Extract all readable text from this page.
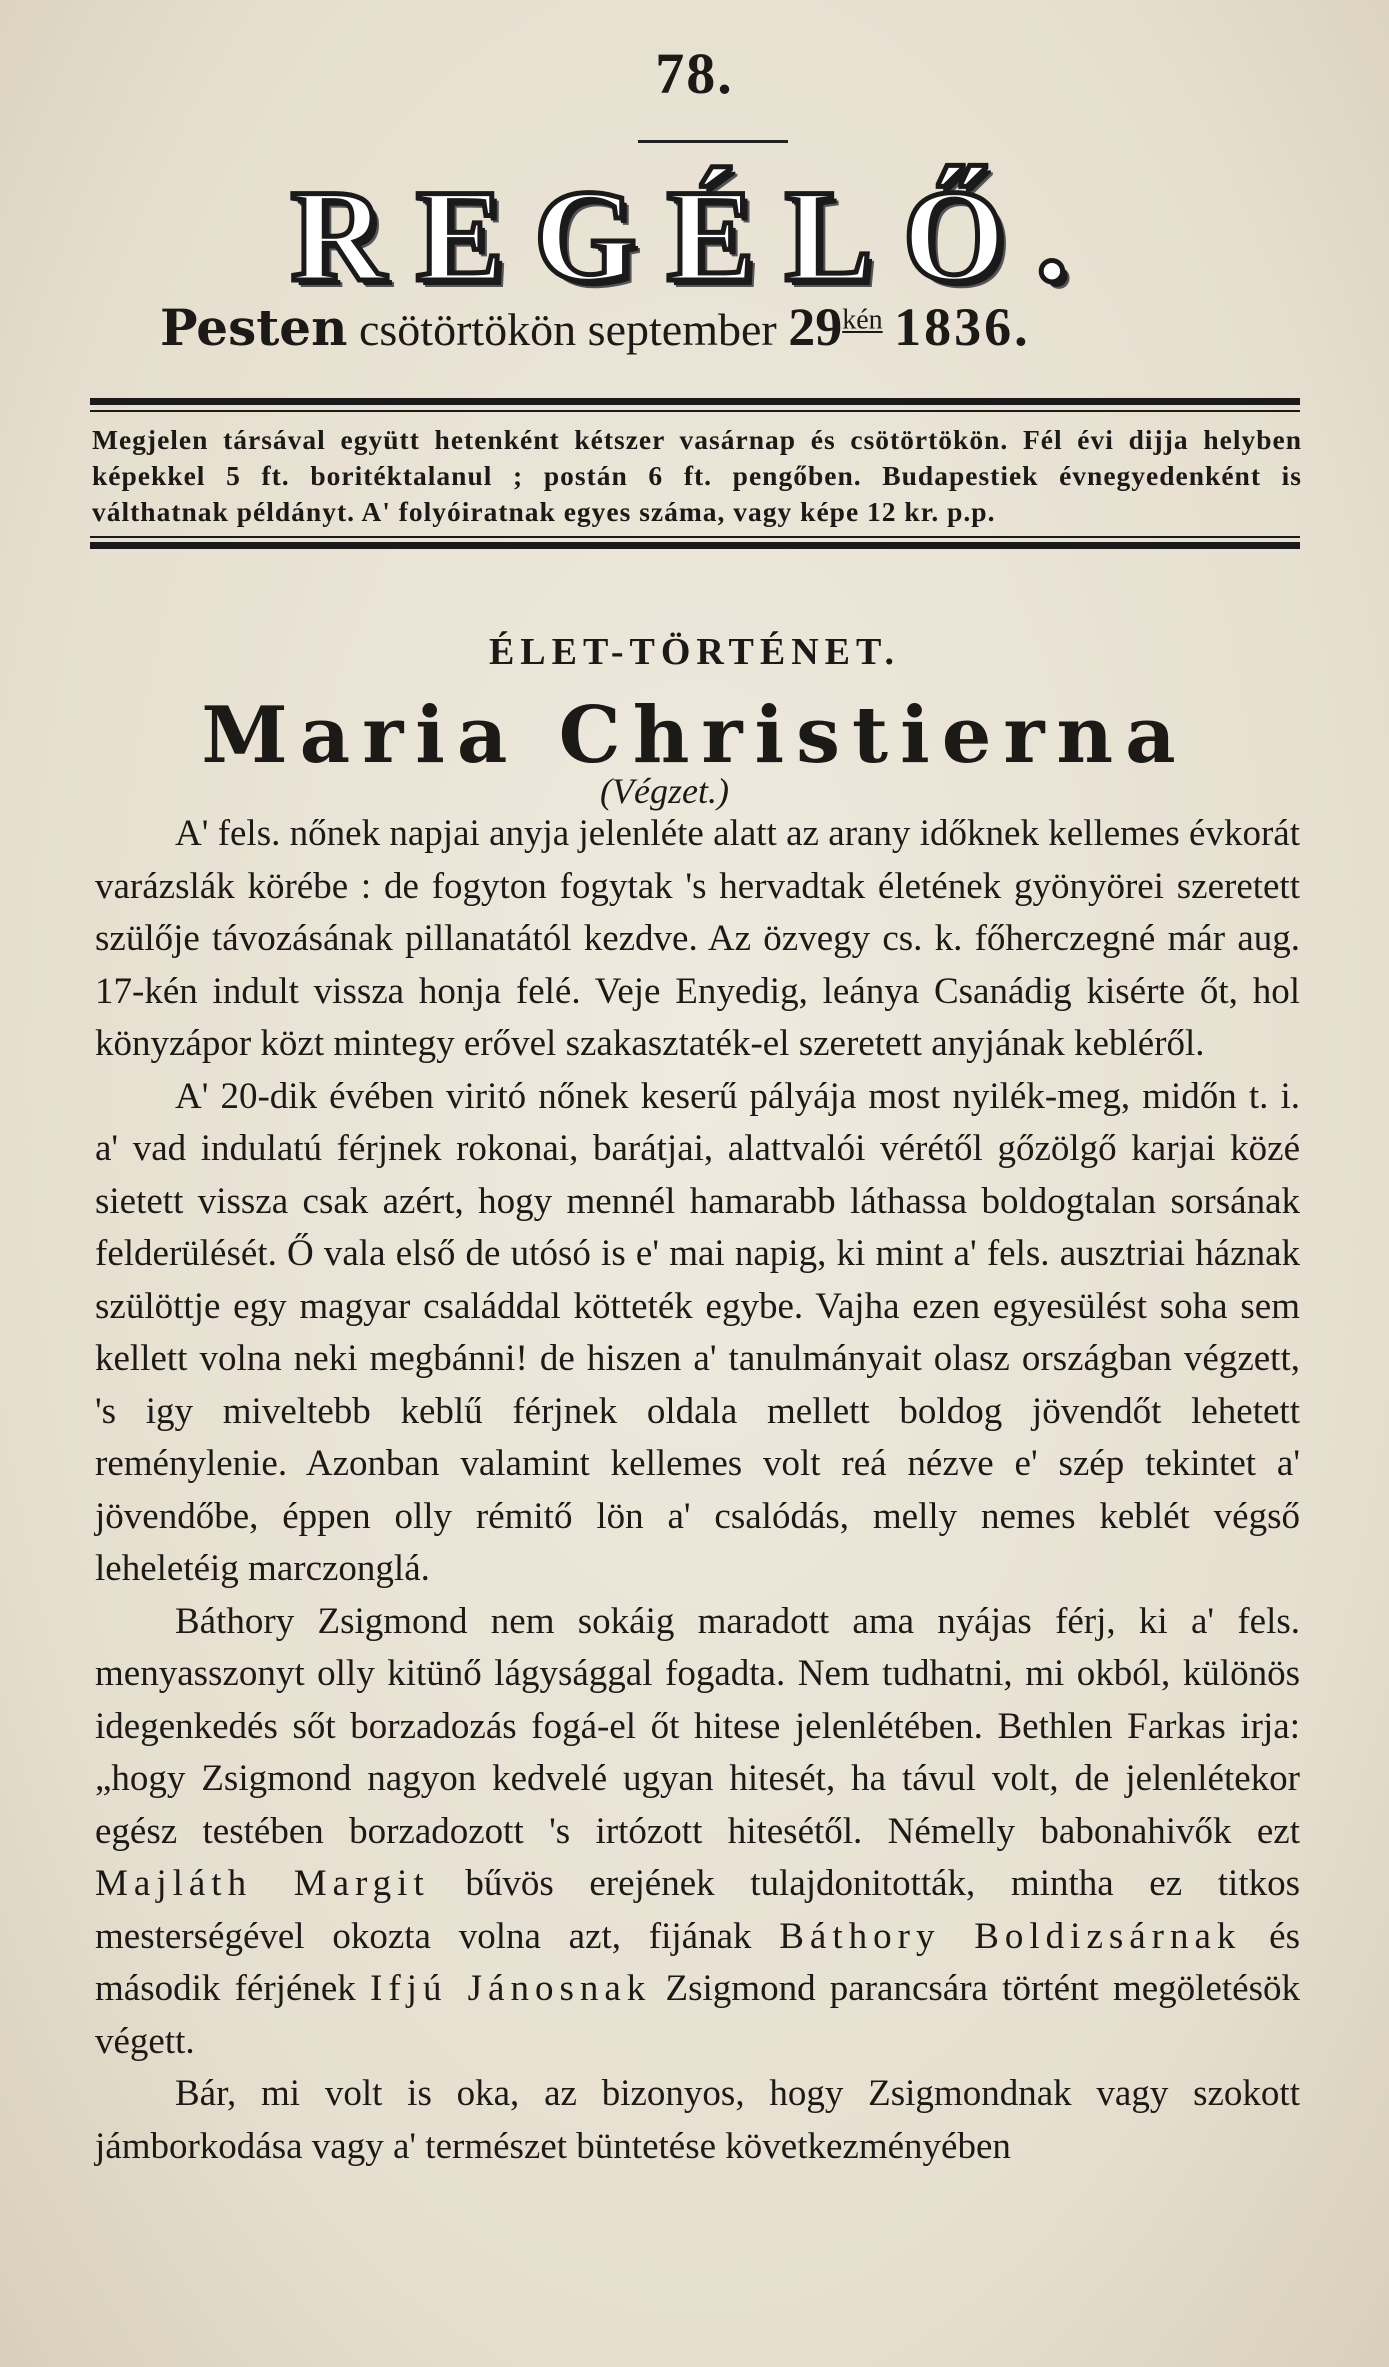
78.
REGÉLŐ.
Pesten csötörtökön september $29^{kén}$ 1836.
Megjelen társával együtt hetenként kétszer vasárnap és csötörtökön. Fél évi dijja helyben képekkel 5 ft. boritéktalanul ; postán 6 ft. pengőben. Budapestiek évnegyedenként is válthatnak példányt. A' folyóiratnak egyes száma, vagy képe 12 kr. p.p.
ÉLET-TÖRTÉNET.
Maria Christierna
(Végzet.)

A' fels. nőnek napjai anyja jelenléte alatt az arany időknek kellemes évkorát varázslák körébe : de fogyton fogytak 's hervadtak életének gyönyörei szeretett szülője távozásának pillanatától kezdve. Az özvegy cs. k. főherczegné már aug. 17-kén indult vissza honja felé. Veje Enyedig, leánya Csanádig kisérte őt, hol könyzápor közt mintegy erővel szakasztaték-el szeretett anyjának kebléről.

A' 20-dik évében viritó nőnek keserű pályája most nyilék-meg, midőn t. i. a' vad indulatú férjnek rokonai, barátjai, alattvalói vérétől gőzölgő karjai közé sietett vissza csak azért, hogy mennél hamarabb láthassa boldogtalan sorsának felderülését. Ő vala első de utósó is e' mai napig, ki mint a' fels. ausztriai háznak szülöttje egy magyar családdal kötteték egybe. Vajha ezen egyesülést soha sem kellett volna neki megbánni! de hiszen a' tanulmányait olasz országban végzett, 's igy miveltebb keblű férjnek oldala mellett boldog jövendőt lehetett reménylenie. Azonban valamint kellemes volt reá nézve e' szép tekintet a' jövendőbe, éppen olly rémitő lön a' csalódás, melly nemes keblét végső leheletéig marczonglá.

Báthory Zsigmond nem sokáig maradott ama nyájas férj, ki a' fels. menyasszonyt olly kitünő lágysággal fogadta. Nem tudhatni, mi okból, különös idegenkedés sőt borzadozás fogá-el őt hitese jelenlétében. Bethlen Farkas irja: „hogy Zsigmond nagyon kedvelé ugyan hitesét, ha távul volt, de jelenlétekor egész testében borzadozott 's irtózott hitesétől. Némelly babonahivők ezt Majláth Margit bűvös erejének tulajdonitották, mintha ez titkos mesterségével okozta volna azt, fijának Báthory Boldizsárnak és második férjének Ifjú Jánosnak Zsigmond parancsára történt megöletésök végett.

Bár, mi volt is oka, az bizonyos, hogy Zsigmondnak vagy szokott jámborkodása vagy a' természet büntetése következményében
